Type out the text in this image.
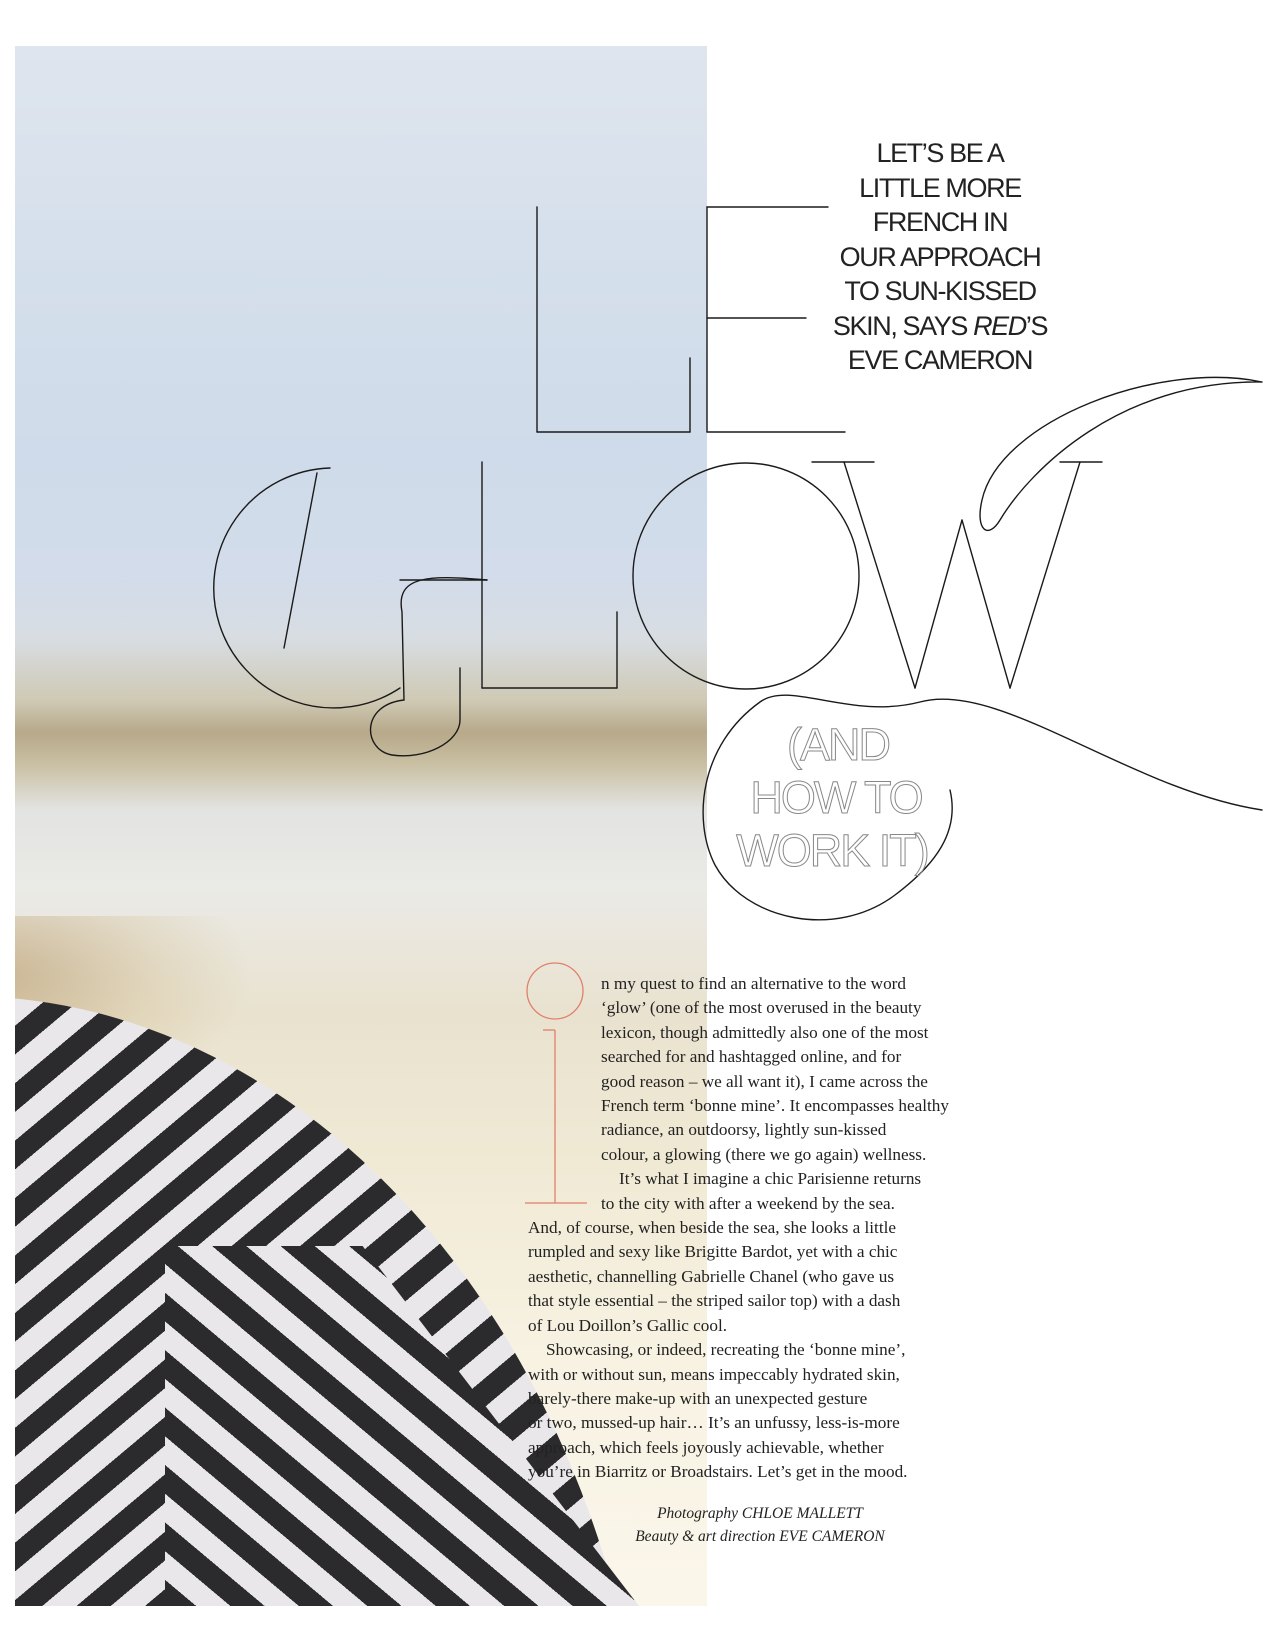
LET’S BE A
LITTLE MORE
FRENCH IN
OUR APPROACH
TO SUN-KISSED
SKIN, SAYS RED’S
EVE CAMERON
(AND
HOW TO
WORK IT)
n my quest to find an alternative to the word
‘glow’ (one of the most overused in the beauty
lexicon, though admittedly also one of the most
searched for and hashtagged online, and for
good reason – we all want it), I came across the
French term ‘bonne mine’. It encompasses healthy
radiance, an outdoorsy, lightly sun-kissed
colour, a glowing (there we go again) wellness.
It’s what I imagine a chic Parisienne returns
to the city with after a weekend by the sea.
And, of course, when beside the sea, she looks a little
rumpled and sexy like Brigitte Bardot, yet with a chic
aesthetic, channelling Gabrielle Chanel (who gave us
that style essential – the striped sailor top) with a dash
of Lou Doillon’s Gallic cool.
Showcasing, or indeed, recreating the ‘bonne mine’,
with or without sun, means impeccably hydrated skin,
barely-there make-up with an unexpected gesture
or two, mussed-up hair… It’s an unfussy, less-is-more
approach, which feels joyously achievable, whether
you’re in Biarritz or Broadstairs. Let’s get in the mood.
Photography CHLOE MALLETT
Beauty & art direction EVE CAMERON
